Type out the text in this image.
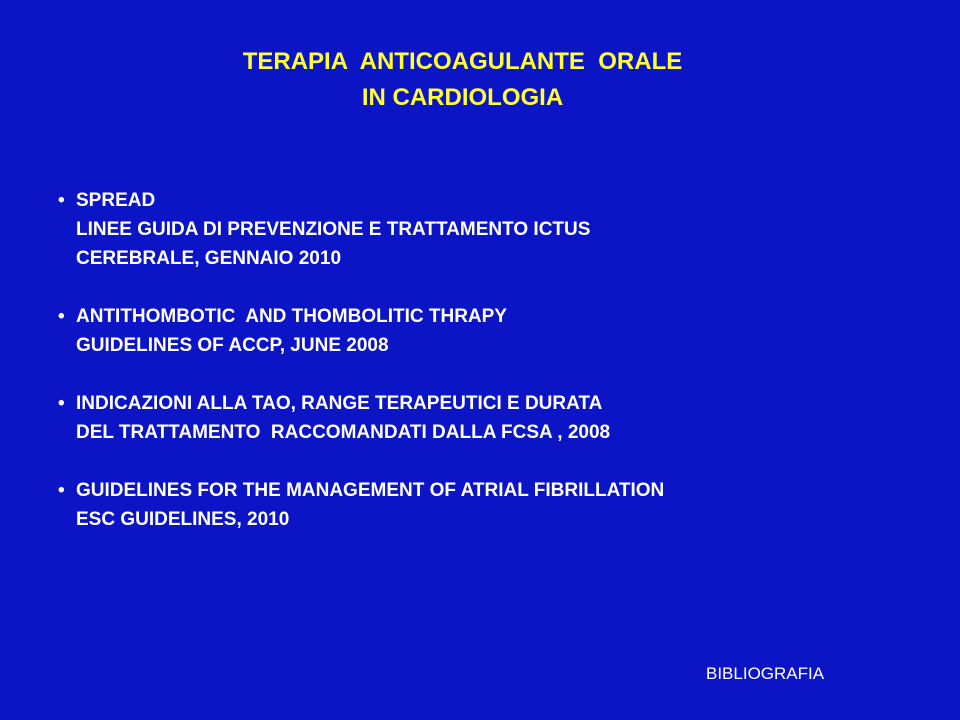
TERAPIA  ANTICOAGULANTE  ORALE
IN CARDIOLOGIA
• SPREAD
LINEE GUIDA DI PREVENZIONE E TRATTAMENTO ICTUS
CEREBRALE, GENNAIO 2010
• ANTITHOMBOTIC  AND THOMBOLITIC THRAPY
GUIDELINES OF ACCP, JUNE 2008
• INDICAZIONI ALLA TAO, RANGE TERAPEUTICI E DURATA
DEL TRATTAMENTO  RACCOMANDATI DALLA FCSA , 2008
• GUIDELINES FOR THE MANAGEMENT OF ATRIAL FIBRILLATION
ESC GUIDELINES, 2010
BIBLIOGRAFIA
